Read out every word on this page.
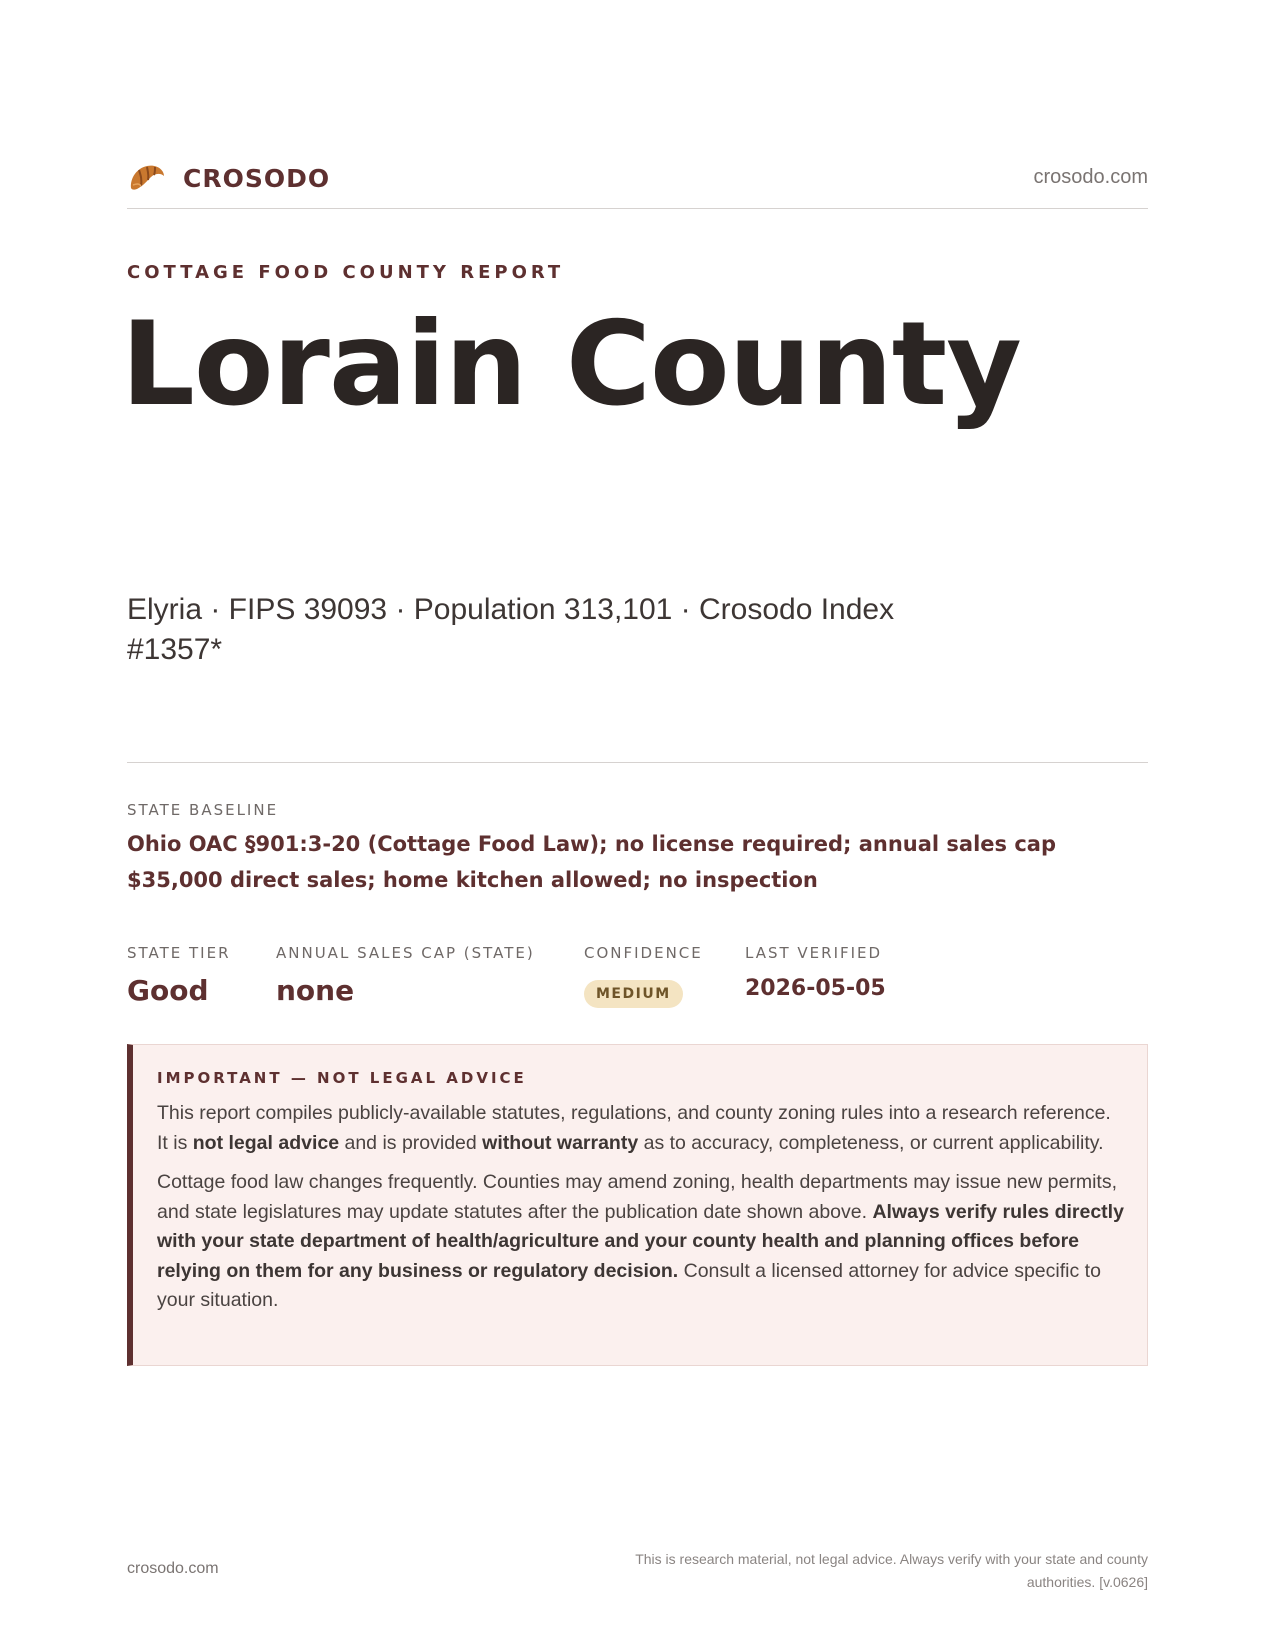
CROSODO	crosodo.com
COTTAGE FOOD COUNTY REPORT
Lorain County
Elyria · FIPS 39093 · Population 313,101 · Crosodo Index #1357*
STATE BASELINE
Ohio OAC §901:3-20 (Cottage Food Law); no license required; annual sales cap $35,000 direct sales; home kitchen allowed; no inspection
STATE TIER
Good
ANNUAL SALES CAP (STATE)
none
CONFIDENCE
MEDIUM
LAST VERIFIED
2026-05-05
IMPORTANT — NOT LEGAL ADVICE

This report compiles publicly-available statutes, regulations, and county zoning rules into a research reference. It is not legal advice and is provided without warranty as to accuracy, completeness, or current applicability.

Cottage food law changes frequently. Counties may amend zoning, health departments may issue new permits, and state legislatures may update statutes after the publication date shown above. Always verify rules directly with your state department of health/agriculture and your county health and planning offices before relying on them for any business or regulatory decision. Consult a licensed attorney for advice specific to your situation.

crosodo.com
This is research material, not legal advice. Always verify with your state and county authorities. [v.0626]
